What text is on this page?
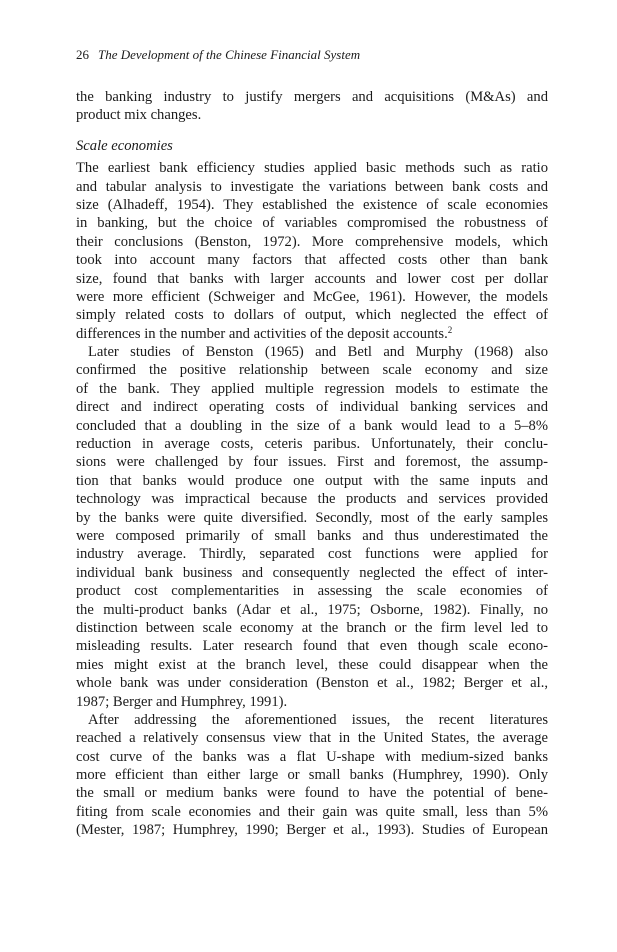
26 The Development of the Chinese Financial System
the banking industry to justify mergers and acquisitions (M&As) and
product mix changes.
Scale economies
The earliest bank efficiency studies applied basic methods such as ratio
and tabular analysis to investigate the variations between bank costs and
size (Alhadeff, 1954). They established the existence of scale economies
in banking, but the choice of variables compromised the robustness of
their conclusions (Benston, 1972). More comprehensive models, which
took into account many factors that affected costs other than bank
size, found that banks with larger accounts and lower cost per dollar
were more efficient (Schweiger and McGee, 1961). However, the models
simply related costs to dollars of output, which neglected the effect of
differences in the number and activities of the deposit accounts.$^2$
Later studies of Benston (1965) and Betl and Murphy (1968) also
confirmed the positive relationship between scale economy and size
of the bank. They applied multiple regression models to estimate the
direct and indirect operating costs of individual banking services and
concluded that a doubling in the size of a bank would lead to a 5–8%
reduction in average costs, ceteris paribus. Unfortunately, their conclu-
sions were challenged by four issues. First and foremost, the assump-
tion that banks would produce one output with the same inputs and
technology was impractical because the products and services provided
by the banks were quite diversified. Secondly, most of the early samples
were composed primarily of small banks and thus underestimated the
industry average. Thirdly, separated cost functions were applied for
individual bank business and consequently neglected the effect of inter-
product cost complementarities in assessing the scale economies of
the multi-product banks (Adar et al., 1975; Osborne, 1982). Finally, no
distinction between scale economy at the branch or the firm level led to
misleading results. Later research found that even though scale econo-
mies might exist at the branch level, these could disappear when the
whole bank was under consideration (Benston et al., 1982; Berger et al.,
1987; Berger and Humphrey, 1991).
After addressing the aforementioned issues, the recent literatures
reached a relatively consensus view that in the United States, the average
cost curve of the banks was a flat U-shape with medium-sized banks
more efficient than either large or small banks (Humphrey, 1990). Only
the small or medium banks were found to have the potential of bene-
fiting from scale economies and their gain was quite small, less than 5%
(Mester, 1987; Humphrey, 1990; Berger et al., 1993). Studies of European
